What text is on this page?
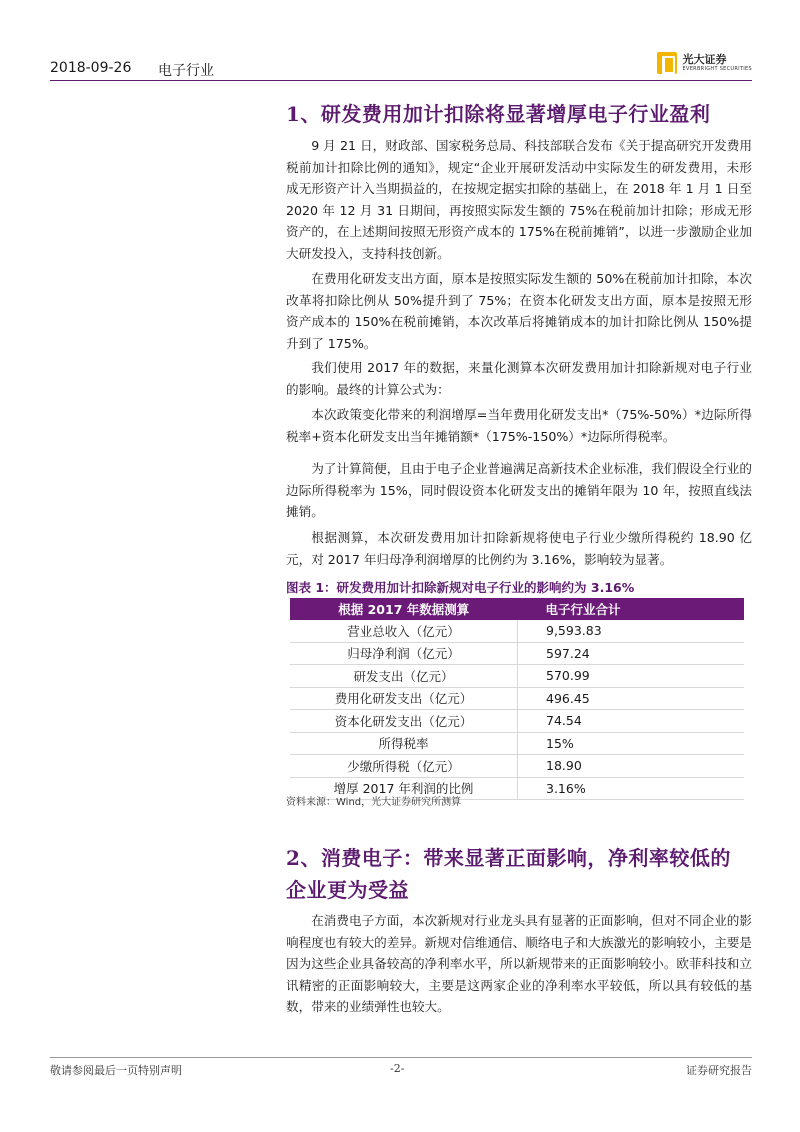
2018-09-26 电子行业
光大证券
EVERBRIGHT SECURITIES
1、研发费用加计扣除将显著增厚电子行业盈利

9 月 21 日，财政部、国家税务总局、科技部联合发布《关于提高研究开发费用税前加计扣除比例的通知》，规定“企业开展研发活动中实际发生的研发费用，未形成无形资产计入当期损益的，在按规定据实扣除的基础上，在 2018 年 1 月 1 日至 2020 年 12 月 31 日期间，再按照实际发生额的 75%在税前加计扣除；形成无形资产的，在上述期间按照无形资产成本的 175%在税前摊销”，以进一步激励企业加大研发投入，支持科技创新。

在费用化研发支出方面，原本是按照实际发生额的 50%在税前加计扣除，本次改革将扣除比例从 50%提升到了 75%；在资本化研发支出方面，原本是按照无形资产成本的 150%在税前摊销，本次改革后将摊销成本的加计扣除比例从 150%提升到了 175%。

我们使用 2017 年的数据，来量化测算本次研发费用加计扣除新规对电子行业的影响。最终的计算公式为：

本次政策变化带来的利润增厚=当年费用化研发支出*（75%-50%）*边际所得税率+资本化研发支出当年摊销额*（175%-150%）*边际所得税率。

为了计算简便，且由于电子企业普遍满足高新技术企业标准，我们假设全行业的边际所得税率为 15%，同时假设资本化研发支出的摊销年限为 10 年，按照直线法摊销。

根据测算，本次研发费用加计扣除新规将使电子行业少缴所得税约 18.90 亿元，对 2017 年归母净利润增厚的比例约为 3.16%，影响较为显著。

图表 1：研发费用加计扣除新规对电子行业的影响约为 3.16%
根据 2017 年数据测算	电子行业合计
营业总收入（亿元）	9,593.83
归母净利润（亿元）	597.24
研发支出（亿元）	570.99
费用化研发支出（亿元）	496.45
资本化研发支出（亿元）	74.54
所得税率	15%
少缴所得税（亿元）	18.90
增厚 2017 年利润的比例	3.16%
资料来源：Wind，光大证券研究所测算
2、消费电子：带来显著正面影响，净利率较低的
企业更为受益

在消费电子方面，本次新规对行业龙头具有显著的正面影响，但对不同企业的影响程度也有较大的差异。新规对信维通信、顺络电子和大族激光的影响较小，主要是因为这些企业具备较高的净利率水平，所以新规带来的正面影响较小。欧菲科技和立讯精密的正面影响较大，主要是这两家企业的净利率水平较低，所以具有较低的基数，带来的业绩弹性也较大。

敬请参阅最后一页特别声明	-2-	证券研究报告
